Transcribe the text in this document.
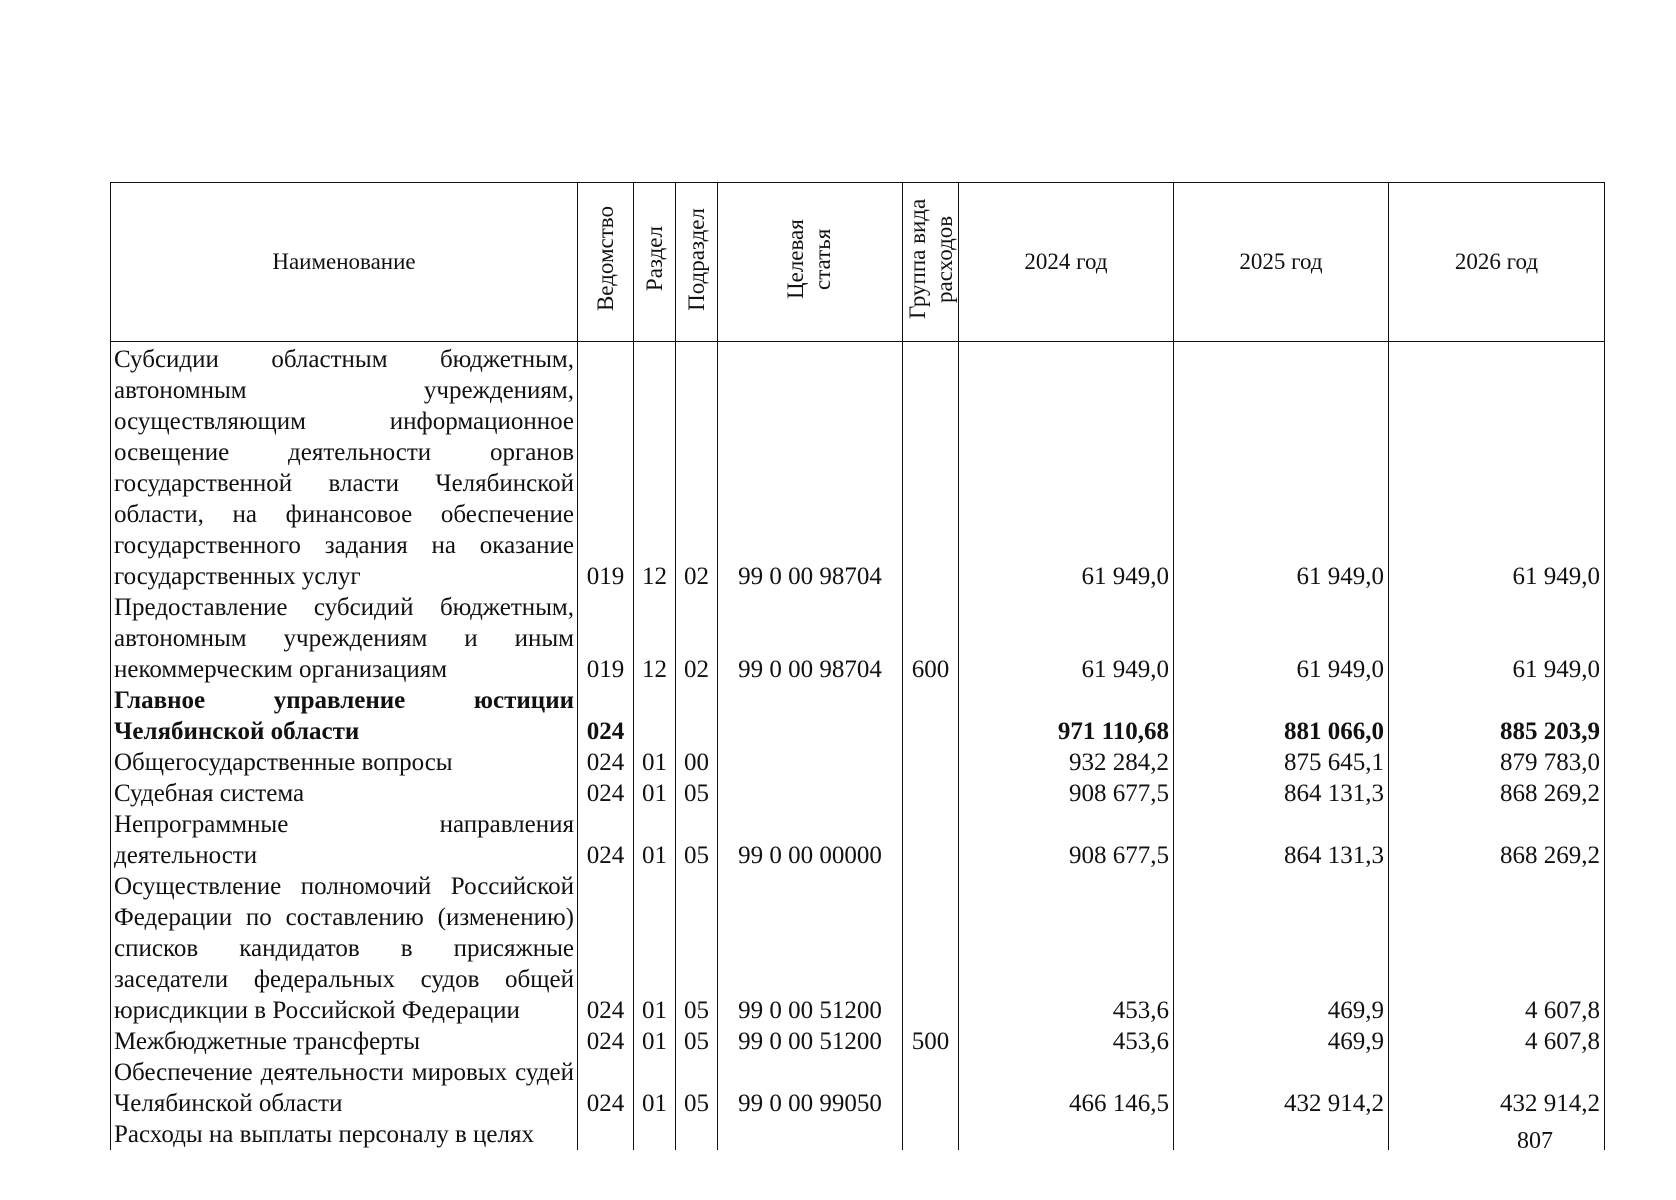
Наименование	Ведомство	Раздел	Подраздел	Целевая статья	Группа вида расходов	2024 год	2025 год	2026 год
Субсидии областным бюджетным, автономным учреждениям, осуществляющим информационное освещение деятельности органов государственной власти Челябинской области, на финансовое обеспечение государственного задания на оказание государственных услуг	019	12	02	99 0 00 98704		61 949,0	61 949,0	61 949,0
Предоставление субсидий бюджетным, автономным учреждениям и иным некоммерческим организациям	019	12	02	99 0 00 98704	600	61 949,0	61 949,0	61 949,0
Главное управление юстиции Челябинской области	024					971 110,68	881 066,0	885 203,9
Общегосударственные вопросы	024	01	00			932 284,2	875 645,1	879 783,0
Судебная система	024	01	05			908 677,5	864 131,3	868 269,2
Непрограммные направления деятельности	024	01	05	99 0 00 00000		908 677,5	864 131,3	868 269,2
Осуществление полномочий Российской Федерации по составлению (изменению) списков кандидатов в присяжные заседатели федеральных судов общей юрисдикции в Российской Федерации	024	01	05	99 0 00 51200		453,6	469,9	4 607,8
Межбюджетные трансферты	024	01	05	99 0 00 51200	500	453,6	469,9	4 607,8
Обеспечение деятельности мировых судей Челябинской области	024	01	05	99 0 00 99050		466 146,5	432 914,2	432 914,2
Расходы на выплаты персоналу в целях									807
